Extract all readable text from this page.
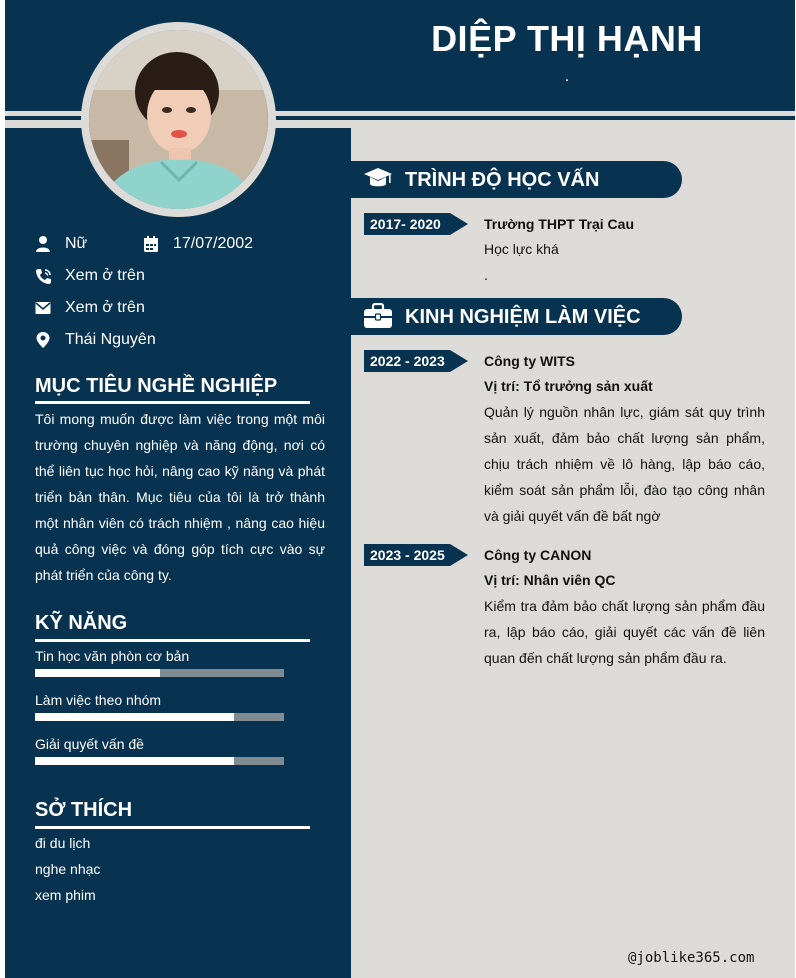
DIỆP THỊ HẠNH
.
Nữ	17/07/2002
Xem ở trên
Xem ở trên
Thái Nguyên
MỤC TIÊU NGHỀ NGHIỆP
Tôi mong muốn được làm việc trong một môi trường chuyên nghiệp và năng động, nơi có thể liên tục học hỏi, nâng cao kỹ năng và phát triển bản thân. Mục tiêu của tôi là trở thành một nhân viên có trách nhiệm , nâng cao hiệu quả công việc và đóng góp tích cực vào sự phát triển của công ty.
KỸ NĂNG
Tin học văn phòn cơ bản
Làm việc theo nhóm
Giải quyết vấn đề
SỞ THÍCH
đi du lịch
nghe nhạc
xem phim
TRÌNH ĐỘ HỌC VẤN
2017- 2020	Trường THPT Trại Cau
Học lực khá
.
KINH NGHIỆM LÀM VIỆC
2022 - 2023	Công ty WITS
Vị trí: Tổ trưởng sản xuất
Quản lý nguồn nhân lực, giám sát quy trình sản xuất, đảm bảo chất lượng sản phẩm, chịu trách nhiệm về lô hàng, lập báo cáo, kiểm soát sản phẩm lỗi, đào tạo công nhân và giải quyết vấn đề bất ngờ
2023 - 2025	Công ty CANON
Vị trí: Nhân viên QC
Kiểm tra đảm bảo chất lượng sản phẩm đầu ra, lập báo cáo, giải quyết các vấn đề liên quan đến chất lượng sản phẩm đầu ra.
@joblike365.com
